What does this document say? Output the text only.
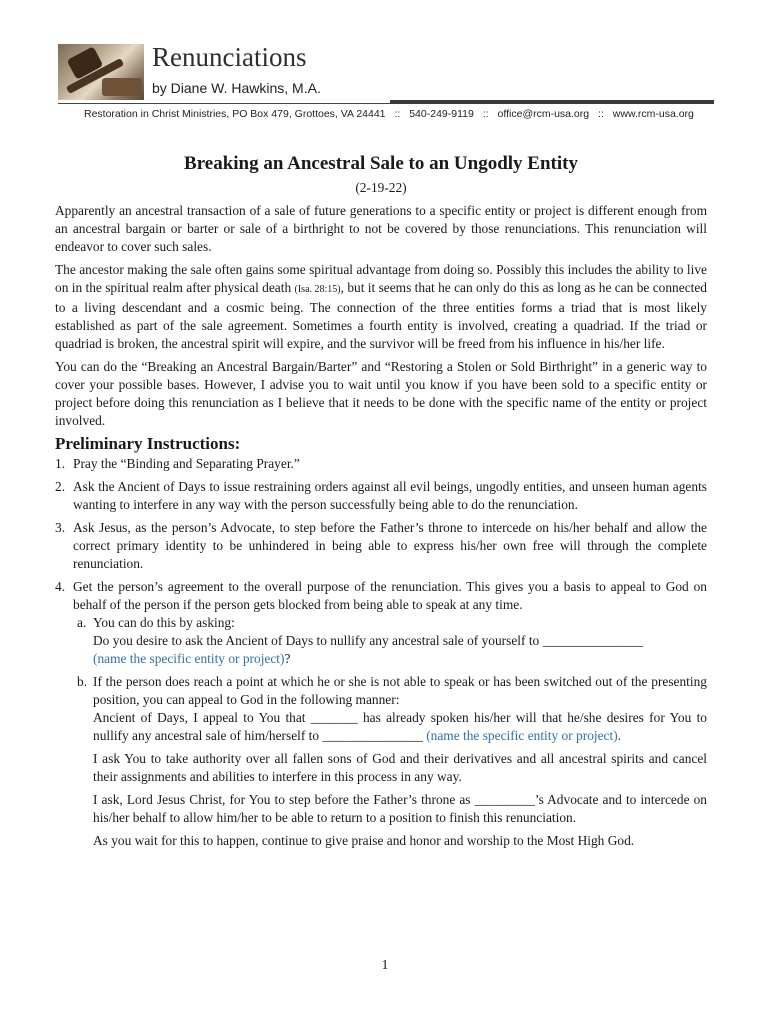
Renunciations
by Diane W. Hawkins, M.A.
Restoration in Christ Ministries, PO Box 479, Grottoes, VA 24441 :: 540-249-9119 :: office@rcm-usa.org :: www.rcm-usa.org
Breaking an Ancestral Sale to an Ungodly Entity
(2-19-22)

Apparently an ancestral transaction of a sale of future generations to a specific entity or project is different enough from an ancestral bargain or barter or sale of a birthright to not be covered by those renunciations. This renunciation will endeavor to cover such sales.

The ancestor making the sale often gains some spiritual advantage from doing so. Possibly this includes the ability to live on in the spiritual realm after physical death (Isa. 28:15), but it seems that he can only do this as long as he can be connected to a living descendant and a cosmic being. The connection of the three entities forms a triad that is most likely established as part of the sale agreement. Sometimes a fourth entity is involved, creating a quadriad. If the triad or quadriad is broken, the ancestral spirit will expire, and the survivor will be freed from his influence in his/her life.

You can do the “Breaking an Ancestral Bargain/Barter” and “Restoring a Stolen or Sold Birthright” in a generic way to cover your possible bases. However, I advise you to wait until you know if you have been sold to a specific entity or project before doing this renunciation as I believe that it needs to be done with the specific name of the entity or project involved.

Preliminary Instructions:
1. Pray the “Binding and Separating Prayer.”
2. Ask the Ancient of Days to issue restraining orders against all evil beings, ungodly entities, and unseen human agents wanting to interfere in any way with the person successfully being able to do the renunciation.
3. Ask Jesus, as the person’s Advocate, to step before the Father’s throne to intercede on his/her behalf and allow the correct primary identity to be unhindered in being able to express his/her own free will through the complete renunciation.
4. Get the person’s agreement to the overall purpose of the renunciation. This gives you a basis to appeal to God on behalf of the person if the person gets blocked from being able to speak at any time.
a. You can do this by asking:

Do you desire to ask the Ancient of Days to nullify any ancestral sale of yourself to _______________
(name the specific entity or project)?

b. If the person does reach a point at which he or she is not able to speak or has been switched out of the presenting position, you can appeal to God in the following manner:

Ancient of Days, I appeal to You that _______ has already spoken his/her will that he/she desires for You to nullify any ancestral sale of him/herself to _______________ (name the specific entity or project).

I ask You to take authority over all fallen sons of God and their derivatives and all ancestral spirits and cancel their assignments and abilities to interfere in this process in any way.

I ask, Lord Jesus Christ, for You to step before the Father’s throne as _________’s Advocate and to intercede on his/her behalf to allow him/her to be able to return to a position to finish this renunciation.

As you wait for this to happen, continue to give praise and honor and worship to the Most High God.

1
